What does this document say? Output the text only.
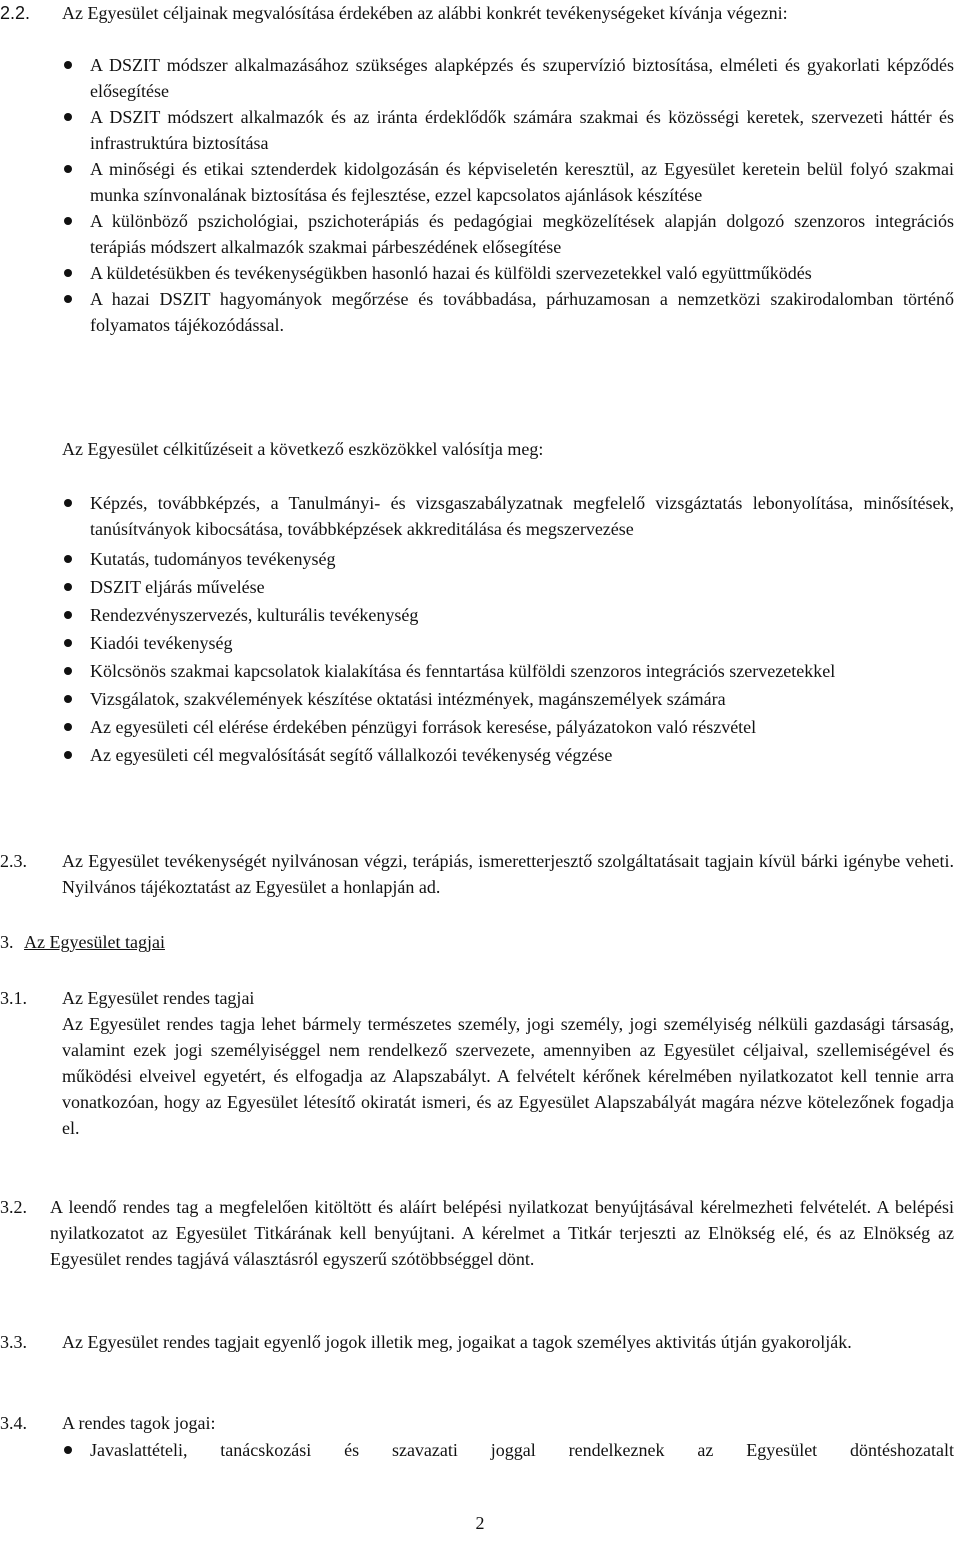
2.2. Az Egyesület céljainak megvalósítása érdekében az alábbi konkrét tevékenységeket kívánja végezni:
A DSZIT módszer alkalmazásához szükséges alapképzés és szupervízió biztosítása, elméleti és gyakorlati képződés elősegítése
A DSZIT módszert alkalmazók és az iránta érdeklődők számára szakmai és közösségi keretek, szervezeti háttér és infrastruktúra biztosítása
A minőségi és etikai sztenderdek kidolgozásán és képviseletén keresztül, az Egyesület keretein belül folyó szakmai munka színvonalának biztosítása és fejlesztése, ezzel kapcsolatos ajánlások készítése
A különböző pszichológiai, pszichoterápiás és pedagógiai megközelítések alapján dolgozó szenzoros integrációs terápiás módszert alkalmazók szakmai párbeszédének elősegítése
A küldetésükben és tevékenységükben hasonló hazai és külföldi szervezetekkel való együttműködés
A hazai DSZIT hagyományok megőrzése és továbbadása, párhuzamosan a nemzetközi szakirodalomban történő folyamatos tájékozódással.
Az Egyesület célkitűzéseit a következő eszközökkel valósítja meg:
Képzés, továbbképzés, a Tanulmányi- és vizsgaszabályzatnak megfelelő vizsgáztatás lebonyolítása, minősítések, tanúsítványok kibocsátása, továbbképzések akkreditálása és megszervezése
Kutatás, tudományos tevékenység
DSZIT eljárás művelése
Rendezvényszervezés, kulturális tevékenység
Kiadói tevékenység
Kölcsönös szakmai kapcsolatok kialakítása és fenntartása külföldi szenzoros integrációs szervezetekkel
Vizsgálatok, szakvélemények készítése oktatási intézmények, magánszemélyek számára
Az egyesületi cél elérése érdekében pénzügyi források keresése, pályázatokon való részvétel
Az egyesületi cél megvalósítását segítő vállalkozói tevékenység végzése
2.3. Az Egyesület tevékenységét nyilvánosan végzi, terápiás, ismeretterjesztő szolgáltatásait tagjain kívül bárki igénybe veheti. Nyilvános tájékoztatást az Egyesület a honlapján ad.
3. Az Egyesület tagjai
3.1. Az Egyesület rendes tagjai
Az Egyesület rendes tagja lehet bármely természetes személy, jogi személy, jogi személyiség nélküli gazdasági társaság, valamint ezek jogi személyiséggel nem rendelkező szervezete, amennyiben az Egyesület céljaival, szellemiségével és működési elveivel egyetért, és elfogadja az Alapszabályt. A felvételt kérőnek kérelmében nyilatkozatot kell tennie arra vonatkozóan, hogy az Egyesület létesítő okiratát ismeri, és az Egyesület Alapszabályát magára nézve kötelezőnek fogadja el.
3.2. A leendő rendes tag a megfelelően kitöltött és aláírt belépési nyilatkozat benyújtásával kérelmezheti felvételét. A belépési nyilatkozatot az Egyesület Titkárának kell benyújtani. A kérelmet a Titkár terjeszti az Elnökség elé, és az Elnökség az Egyesület rendes tagjává választásról egyszerű szótöbbséggel dönt.
3.3. Az Egyesület rendes tagjait egyenlő jogok illetik meg, jogaikat a tagok személyes aktivitás útján gyakorolják.
3.4. A rendes tagok jogai:
Javaslattételi, tanácskozási és szavazati joggal rendelkeznek az Egyesület döntéshozatalt
2
